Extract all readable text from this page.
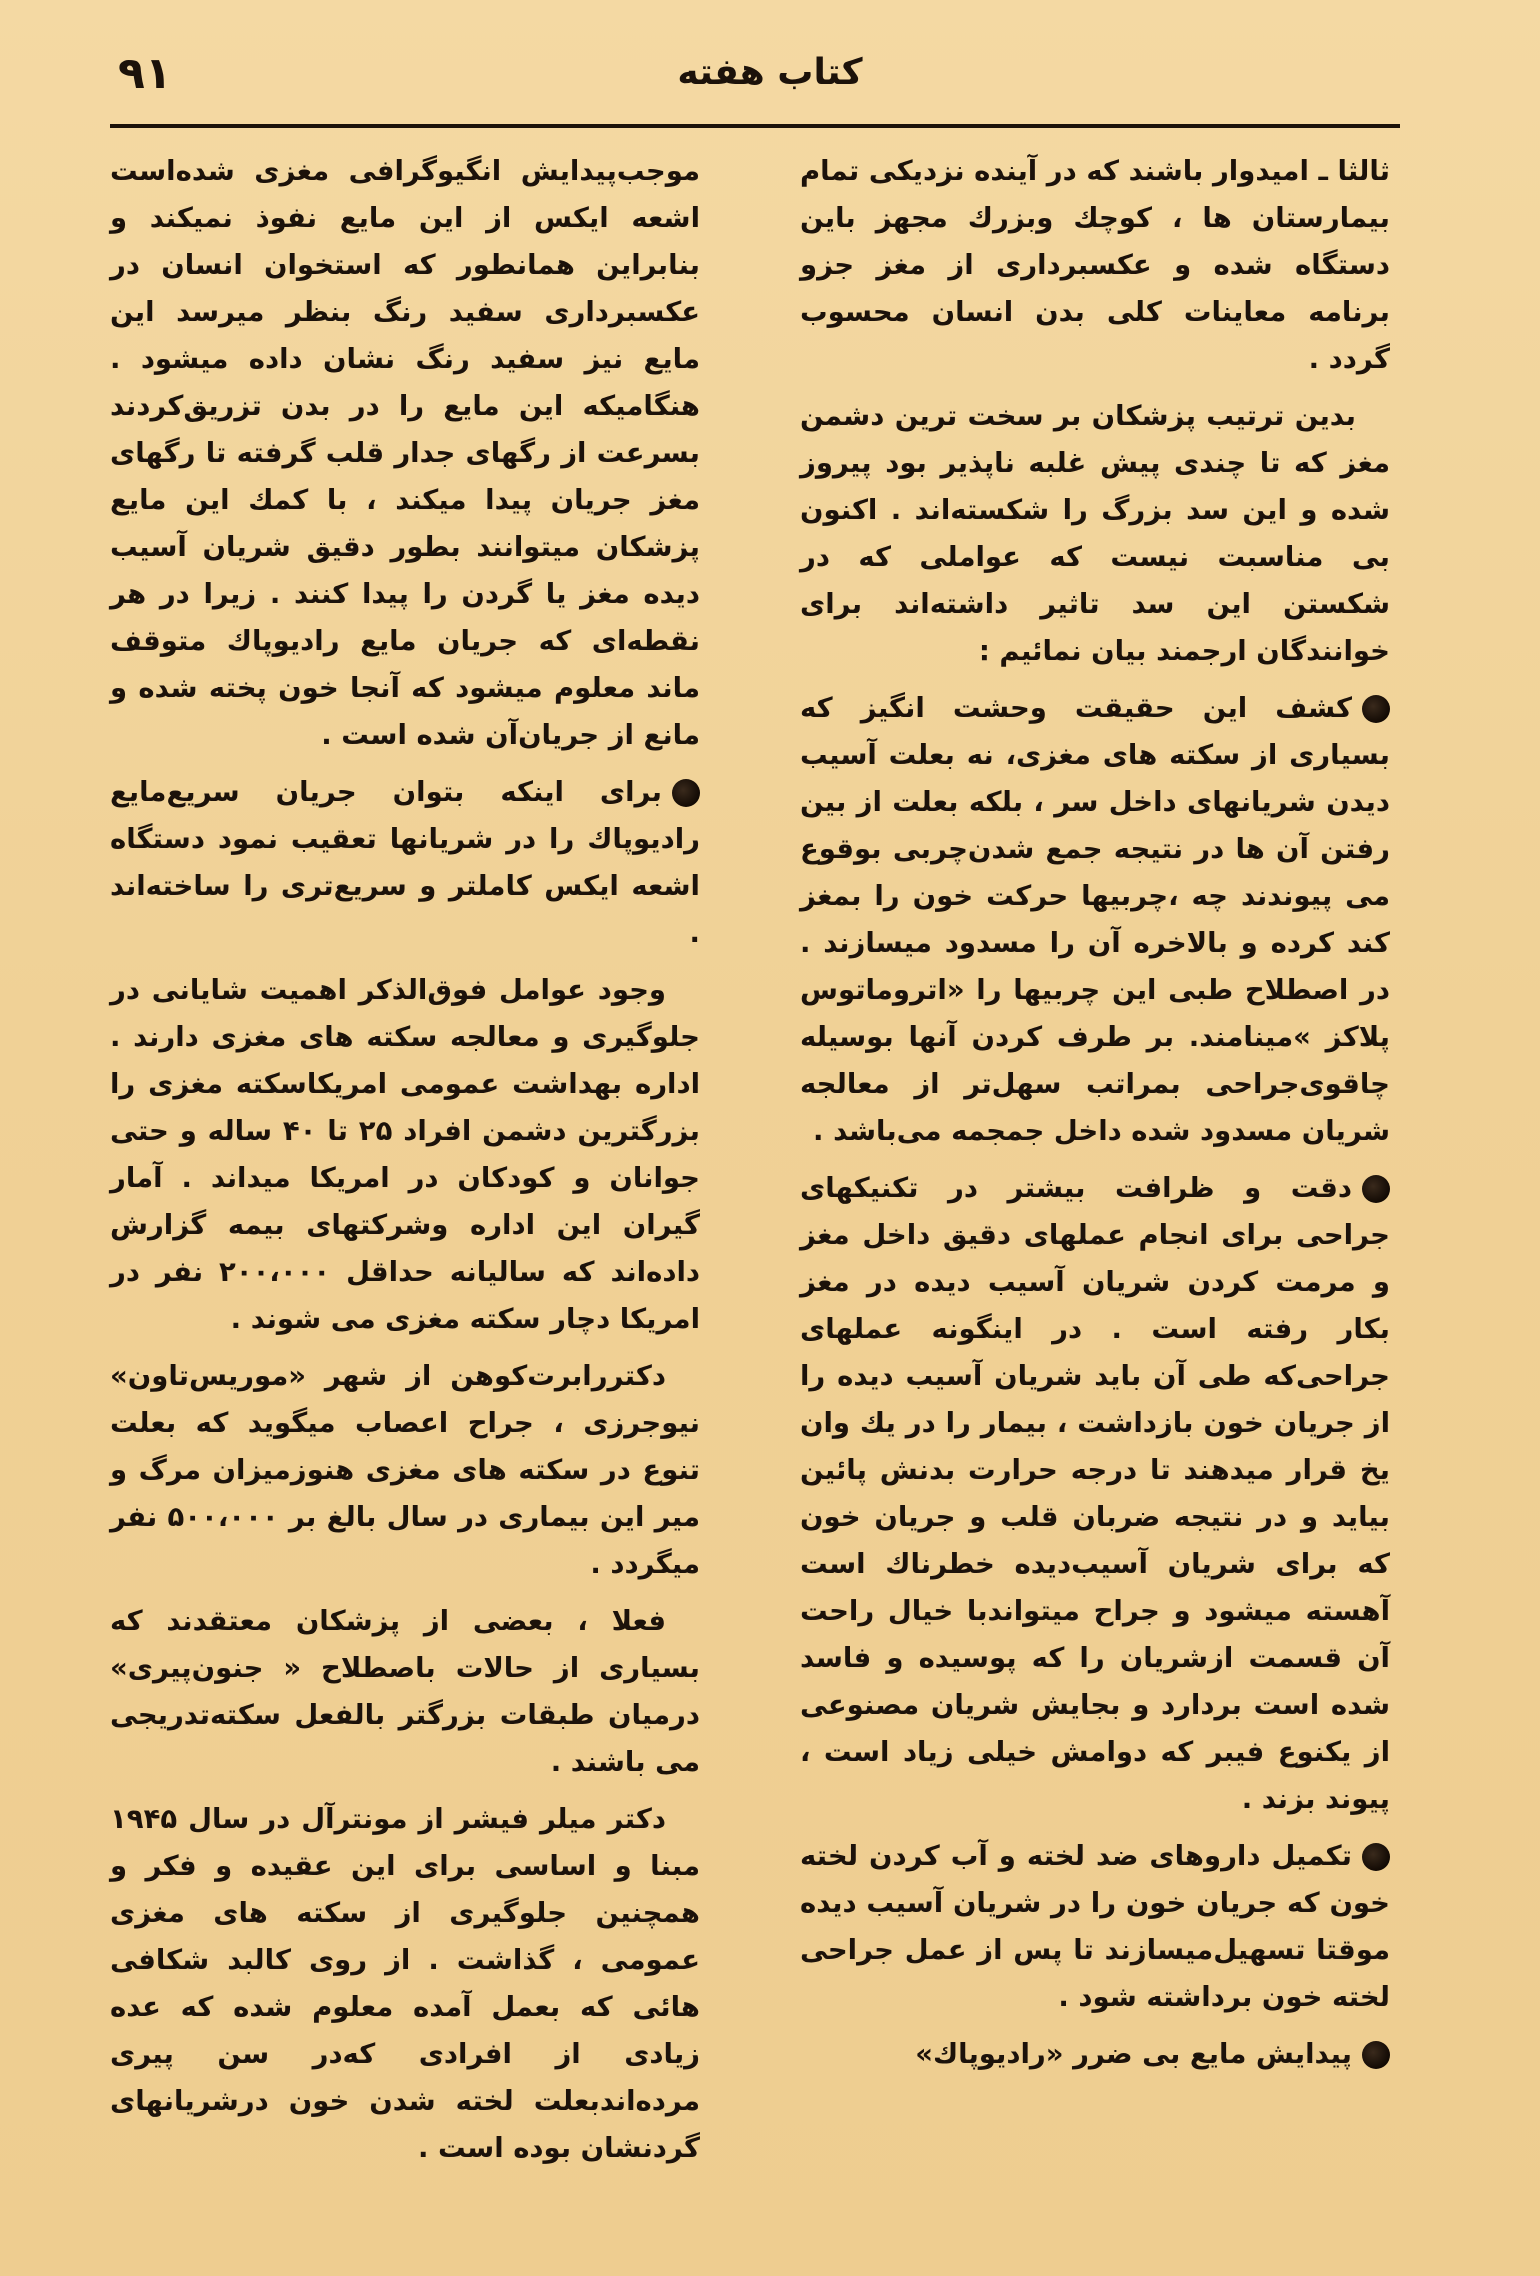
۹۱	کتاب هفته

ثالثا ـ امیدوار باشند که در آینده نزدیکی تمام بیمارستان ها ، کوچك وبزرك مجهز باین دستگاه شده و عکسبرداری از مغز جزو برنامه معاینات کلی بدن انسان محسوب گردد .

بدین ترتیب پزشکان بر سخت ترین دشمن مغز که تا چندی پیش غلبه ناپذیر بود پیروز شده و این سد بزرگ را شکسته‌اند . اکنون بی مناسبت نیست که عواملی که در شکستن این سد تاثیر داشته‌اند برای خوانندگان ارجمند بیان نمائیم :

کشف این حقیقت وحشت انگیز که بسیاری از سکته های مغزی، نه بعلت آسیب دیدن شریانهای داخل سر ، بلکه بعلت از بین رفتن آن ها در نتیجه جمع شدن‌چربی بوقوع می پیوندند چه ،چربیها حرکت خون را بمغز کند کرده و بالاخره آن را مسدود میسازند . در اصطلاح طبی این چربیها را «اتروماتوس پلاکز »مینامند. بر طرف کردن آنها بوسیله چاقوی‌جراحی بمراتب سهل‌تر از معالجه شریان مسدود شده داخل جمجمه می‌باشد .

دقت و ظرافت بیشتر در تکنیکهای جراحی برای انجام عملهای دقیق داخل مغز و مرمت کردن شریان آسیب دیده در مغز بکار رفته است . در اینگونه عملهای جراحی‌که طی آن باید شریان آسیب دیده را از جریان خون بازداشت ، بیمار را در یك وان یخ قرار میدهند تا درجه حرارت بدنش پائین بیاید و در نتیجه ضربان قلب و جریان خون که برای شریان آسیب‌دیده خطرناك است آهسته میشود و جراح میتواندبا خیال راحت آن قسمت ازشریان را که پوسیده و فاسد شده است بردارد و بجایش شریان مصنوعی از یکنوع فیبر که دوامش خیلی زیاد است ، پیوند بزند .

تکمیل داروهای ضد لخته و آب کردن لخته خون که جریان خون را در شریان آسیب دیده موقتا تسهیل‌میسازند تا پس از عمل جراحی لخته خون برداشته شود .

پیدایش مایع بی ضرر «رادیوپاك»

موجب‌پیدایش انگیوگرافی مغزی شده‌است اشعه ایکس از این مایع نفوذ نمیکند و بنابراین همانطور که استخوان انسان در عکسبرداری سفید رنگ بنظر میرسد این مایع نیز سفید رنگ نشان داده میشود . هنگامیکه این مایع را در بدن تزریق‌کردند بسرعت از رگهای جدار قلب گرفته تا رگهای مغز جریان پیدا میکند ، با کمك این مایع پزشکان میتوانند بطور دقیق شریان آسیب دیده مغز یا گردن را پیدا کنند . زیرا در هر نقطه‌ای که جریان مایع رادیوپاك متوقف ماند معلوم میشود که آنجا خون پخته شده و مانع از جریان‌آن شده است .

برای اینکه بتوان جریان سریع‌مایع رادیوپاك را در شریانها تعقیب نمود دستگاه اشعه ایکس کاملتر و سریع‌تری را ساخته‌اند .

وجود عوامل فوق‌الذکر اهمیت شایانی در جلوگیری و معالجه سکته های مغزی دارند . اداره بهداشت عمومی امریکاسکته مغزی را بزرگترین دشمن افراد ۲۵ تا ۴۰ ساله و حتی جوانان و کودکان در امریکا میداند . آمار گیران این اداره وشرکتهای بیمه گزارش داده‌اند که سالیانه حداقل ۲۰۰،۰۰۰ نفر در امریکا دچار سکته مغزی می شوند .

دکتررابرت‌کوهن از شهر «موریس‌تاون» نیوجرزی ، جراح اعصاب میگوید که بعلت تنوع در سکته های مغزی هنوزمیزان مرگ و میر این بیماری در سال بالغ بر ۵۰۰،۰۰۰ نفر میگردد .

فعلا ، بعضی از پزشکان معتقدند که بسیاری از حالات باصطلاح « جنون‌پیری» درمیان طبقات بزرگتر بالفعل سکته‌تدریجی می باشند .

دکتر میلر فیشر از مونترآل در سال ۱۹۴۵ مبنا و اساسی برای این عقیده و فکر و همچنین جلوگیری از سکته های مغزی عمومی ، گذاشت . از روی کالبد شکافی هائی که بعمل آمده معلوم شده که عده زیادی از افرادی که‌در سن پیری مرده‌اندبعلت لخته شدن خون درشریانهای گردنشان بوده است .
